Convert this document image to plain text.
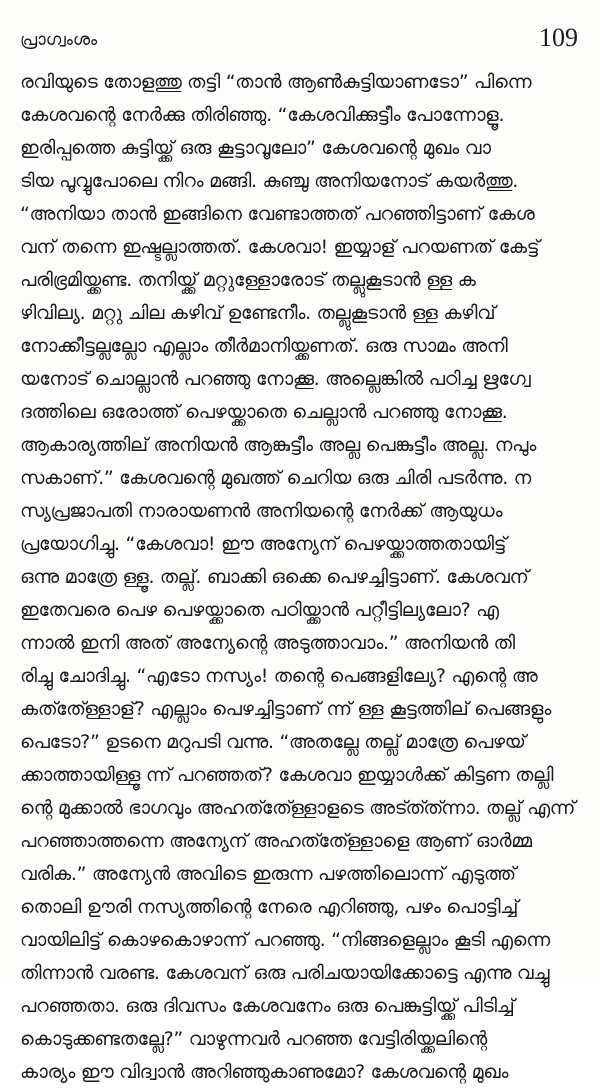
പ്രാഗ്വംശം	109
രവിയുടെ തോളത്തു തട്ടി “താൻ ആൺകുട്ടിയാണടോ” പിന്നെ
കേശവന്റെ നേർക്കു തിരിഞ്ഞു. “കേശവിക്കുട്ടീം പോന്നോളൂ.
ഇരിപ്പത്തെ കുട്ടിയ്ക്ക് ഒരു കൂട്ടാവൂലോ” കേശവന്റെ മുഖം വാ
ടിയ പൂവ്വുപോലെ നിറം മങ്ങി. കുഞ്ചു അനിയനോട് കയർത്തു.
“അനിയാ താൻ ഇങ്ങിനെ വേണ്ടാത്തത് പറഞ്ഞിട്ടാണ് കേശ
വന് തന്നെ ഇഷ്ടല്ലാത്തത്. കേശവാ! ഇയ്യാള് പറയണത് കേട്ട്
പരിഭ്രമിയ്ക്കണ്ട. തനിയ്ക്ക് മറ്റുള്ളോരോട് തല്ലുകൂടാൻ ള്ള ക
ഴിവില്യ. മറ്റു ചില കഴിവ് ഉണ്ടേനീം. തല്ലുകൂടാൻ ള്ള കഴിവ്
നോക്കീട്ടല്ലല്ലോ എല്ലാം തീർമാനിയ്ക്കണത്. ഒരു സാമം അനി
യനോട് ചൊല്ലാൻ പറഞ്ഞു നോക്കൂ. അല്ലെങ്കിൽ പഠിച്ച ഋഗ്വേ
ദത്തിലെ ഒരോത്ത് പെഴയ്ക്കാതെ ചെല്ലാൻ പറഞ്ഞു നോക്കൂ.
ആകാര്യത്തില് അനിയൻ ആങ്കുട്ടീം അല്ല പെങ്കുട്ടീം അല്ല. നപും
സകാണ്.” കേശവന്റെ മുഖത്ത് ചെറിയ ഒരു ചിരി പടർന്നു. ന
സ്യപ്രജാപതി നാരായണൻ അനിയന്റെ നേർക്ക് ആയുധം
പ്രയോഗിച്ചു. “കേശവാ! ഈ അന്യേന് പെഴയ്ക്കാത്തതായിട്ട്
ഒന്നു മാത്രേ ള്ളൂ. തല്ല്. ബാക്കി ഒക്കെ പെഴച്ചിട്ടാണ്. കേശവന്
ഇതേവരെ പെഴ പെഴയ്ക്കാതെ പഠിയ്ക്കാൻ പറ്റീട്ടില്യലോ? എ
ന്നാൽ ഇനി അത് അന്യേന്റെ അടുത്താവാം.” അനിയൻ തി
രിച്ചു ചോദിച്ചു. “എടോ നസ്യം! തന്റെ പെങ്ങളില്യേ? എന്റെ അ
കത്ത്ള്ളോള്? എല്ലാം പെഴച്ചിട്ടാണ് ന്ന് ള്ള കൂട്ടത്തില് പെങ്ങളും
പെടോ?” ഉടനെ മറുപടി വന്നു. “അതല്ലേ തല്ല് മാത്രേ പെഴയ്
ക്കാത്തായിള്ളൂ ന്ന് പറഞ്ഞത്? കേശവാ ഇയ്യാൾക്ക് കിട്ടണ തല്ലി
ന്റെ മുക്കാൽ ഭാഗവും അഹത്ത്ള്ളോളടെ അട്ത്ത്ന്നാ. തല്ല് എന്ന്
പറഞ്ഞാത്തന്നെ അന്യേന് അഹത്ത്ള്ളോളെ ആണ് ഓർമ്മ
വരിക.” അന്യേൻ അവിടെ ഇരുന്ന പഴത്തിലൊന്ന് എടുത്ത്
തൊലി ഊരി നസ്യത്തിന്റെ നേരെ എറിഞ്ഞു, പഴം പൊട്ടിച്ച്
വായിലിട്ട് കൊഴകൊഴാന്ന് പറഞ്ഞു. “നിങ്ങളെല്ലാം കൂടി എന്നെ
തിന്നാൻ വരണ്ട. കേശവന് ഒരു പരിചയായിക്കോട്ടെ എന്നു വച്ചു
പറഞ്ഞതാ. ഒരു ദിവസം കേശവനേം ഒരു പെങ്കുട്ടിയ്ക്ക് പിടിച്ച്
കൊടുക്കണ്ടതല്ലേ?” വാഴുന്നവർ പറഞ്ഞ വേട്ടിരിയ്ക്കലിന്റെ
കാര്യം ഈ വിദ്വാൻ അറിഞ്ഞുകാണുമോ? കേശവന്റെ മുഖം
